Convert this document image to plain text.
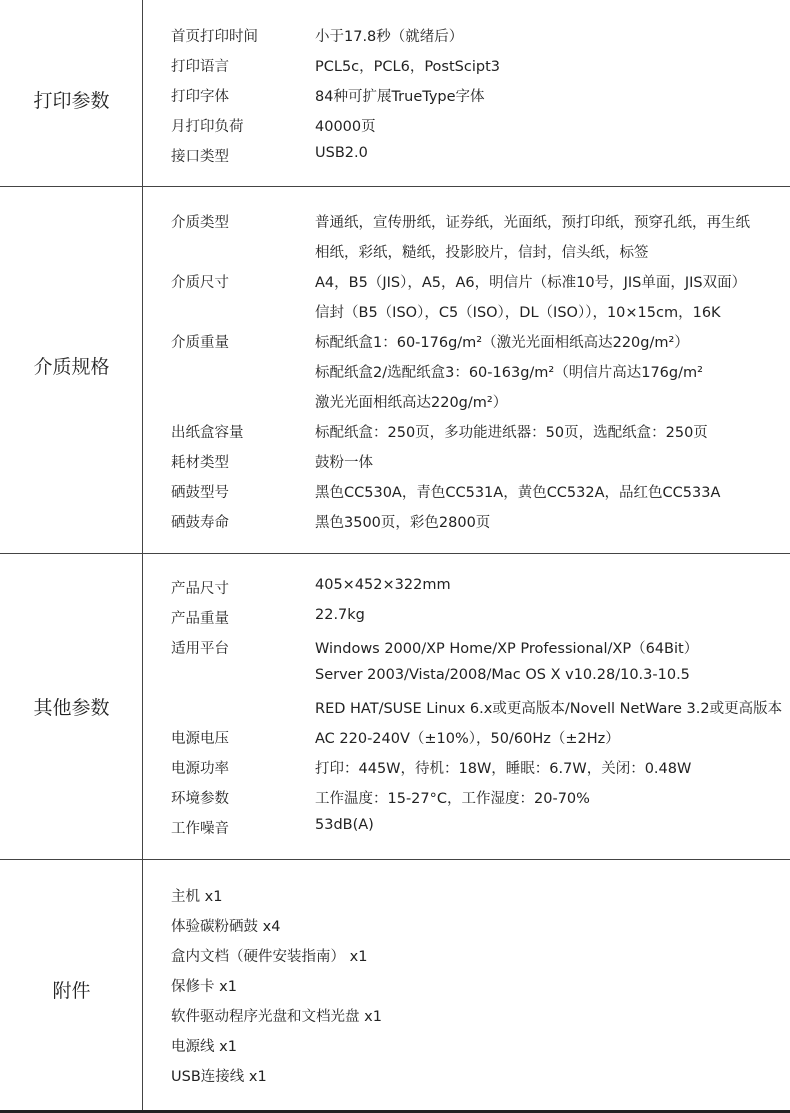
打印参数
首页打印时间	小于17.8秒（就绪后）
打印语言	PCL5c，PCL6，PostScipt3
打印字体	84种可扩展TrueType字体
月打印负荷	40000页
接口类型	USB2.0
介质规格
介质类型	普通纸，宣传册纸，证券纸，光面纸，预打印纸，预穿孔纸，再生纸
相纸，彩纸，糙纸，投影胶片，信封，信头纸，标签
介质尺寸	A4，B5（JIS），A5，A6，明信片（标准10号，JIS单面，JIS双面）
信封（B5（ISO），C5（ISO），DL（ISO）），10×15cm，16K
介质重量	标配纸盒1：60-176g/m²（激光光面相纸高达220g/m²）
标配纸盒2/选配纸盒3：60-163g/m²（明信片高达176g/m²
激光光面相纸高达220g/m²）
出纸盒容量	标配纸盒：250页，多功能进纸器：50页，选配纸盒：250页
耗材类型	鼓粉一体
硒鼓型号	黑色CC530A，青色CC531A，黄色CC532A，品红色CC533A
硒鼓寿命	黑色3500页，彩色2800页
其他参数
产品尺寸	405×452×322mm
产品重量	22.7kg
适用平台	Windows 2000/XP Home/XP Professional/XP（64Bit）
Server 2003/Vista/2008/Mac OS X v10.28/10.3-10.5
RED HAT/SUSE Linux 6.x或更高版本/Novell NetWare 3.2或更高版本
电源电压	AC 220-240V（±10%），50/60Hz（±2Hz）
电源功率	打印：445W，待机：18W，睡眠：6.7W，关闭：0.48W
环境参数	工作温度：15-27°C，工作湿度：20-70%
工作噪音	53dB(A)
附件
主机 x1
体验碳粉硒鼓 x4
盒内文档（硬件安装指南） x1
保修卡 x1
软件驱动程序光盘和文档光盘 x1
电源线 x1
USB连接线 x1
